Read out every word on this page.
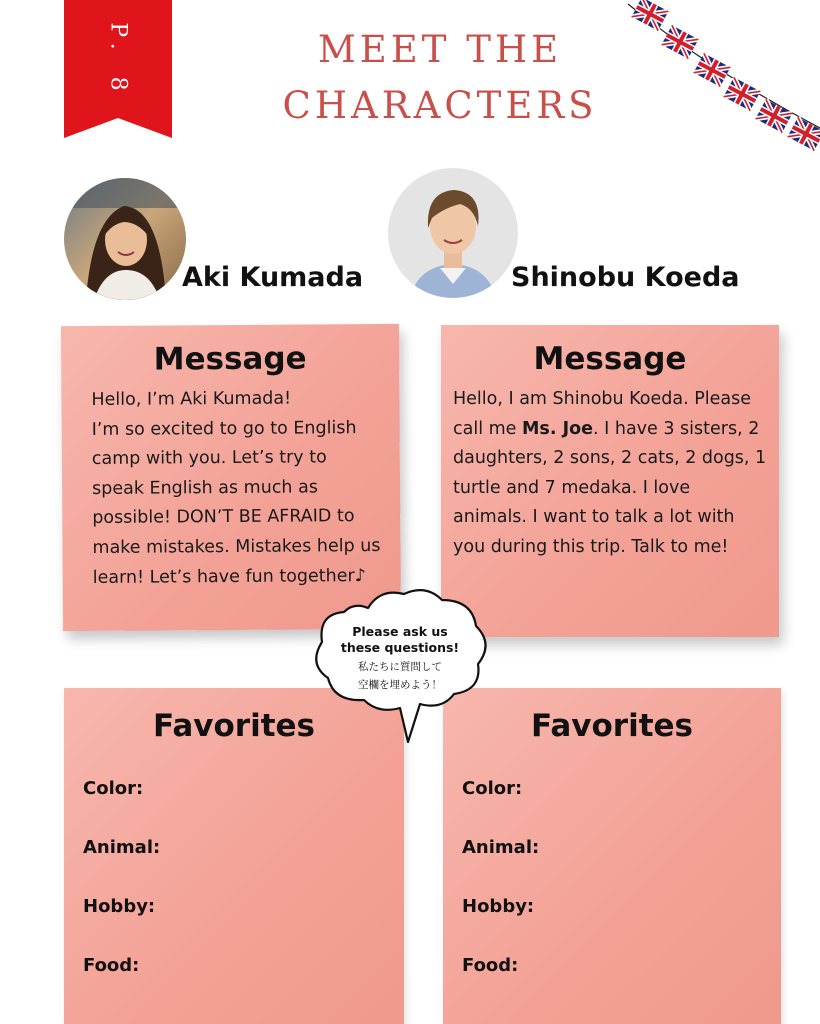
P. 8	MEET THE
CHARACTERS
Aki Kumada	Shinobu Koeda
Message
Hello, I’m Aki Kumada!
I’m so excited to go to English
camp with you. Let’s try to
speak English as much as
possible! DON’T BE AFRAID to
make mistakes. Mistakes help us
learn! Let’s have fun together♪
Message
Hello, I am Shinobu Koeda. Please call me Ms. Joe. I have 3 sisters, 2 daughters, 2 sons, 2 cats, 2 dogs, 1 turtle and 7 medaka. I love animals. I want to talk a lot with you during this trip. Talk to me!
Favorites
Color:
Animal:
Hobby:
Food:
Favorites
Color:
Animal:
Hobby:
Food:
Please ask us
these questions!
私たちに質問して
空欄を埋めよう！
